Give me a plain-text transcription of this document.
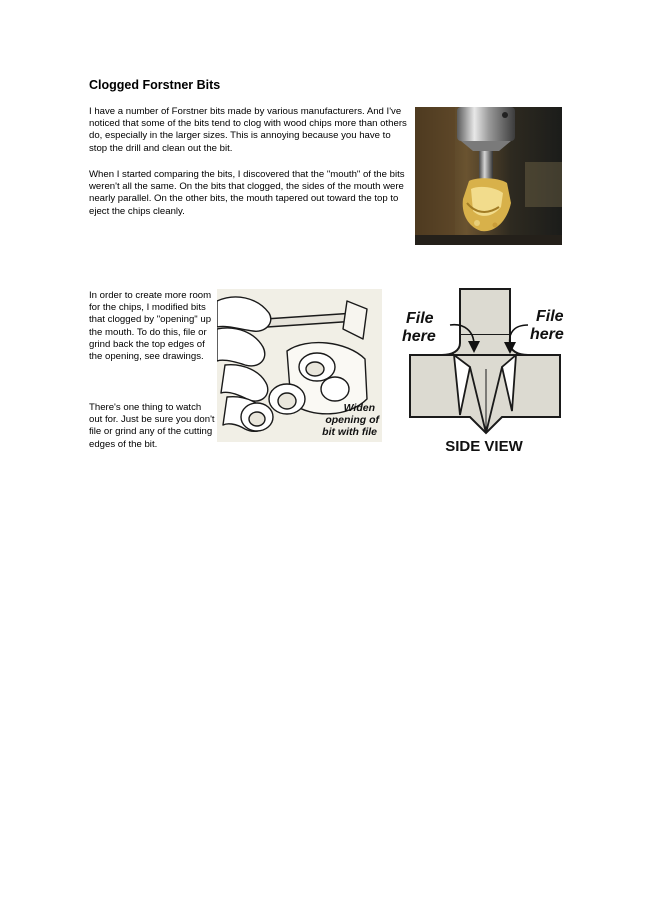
Clogged Forstner Bits

I have a number of Forstner bits made by various manufacturers. And I've noticed that some of the bits tend to clog with wood chips more than others do, especially in the larger sizes. This is annoying because you have to stop the drill and clean out the bit.

When I started comparing the bits, I discovered that the "mouth" of the bits weren't all the same. On the bits that clogged, the sides of the mouth were nearly parallel. On the other bits, the mouth tapered out toward the top to eject the chips cleanly.

In order to create more room for the chips, I modified bits that clogged by "opening" up the mouth. To do this, file or grind back the top edges of the opening, see drawings.

There's one thing to watch out for. Just be sure you don't file or grind any of the cutting edges of the bit.

Widen
opening of
bit with file
File
here
File
here
SIDE VIEW
